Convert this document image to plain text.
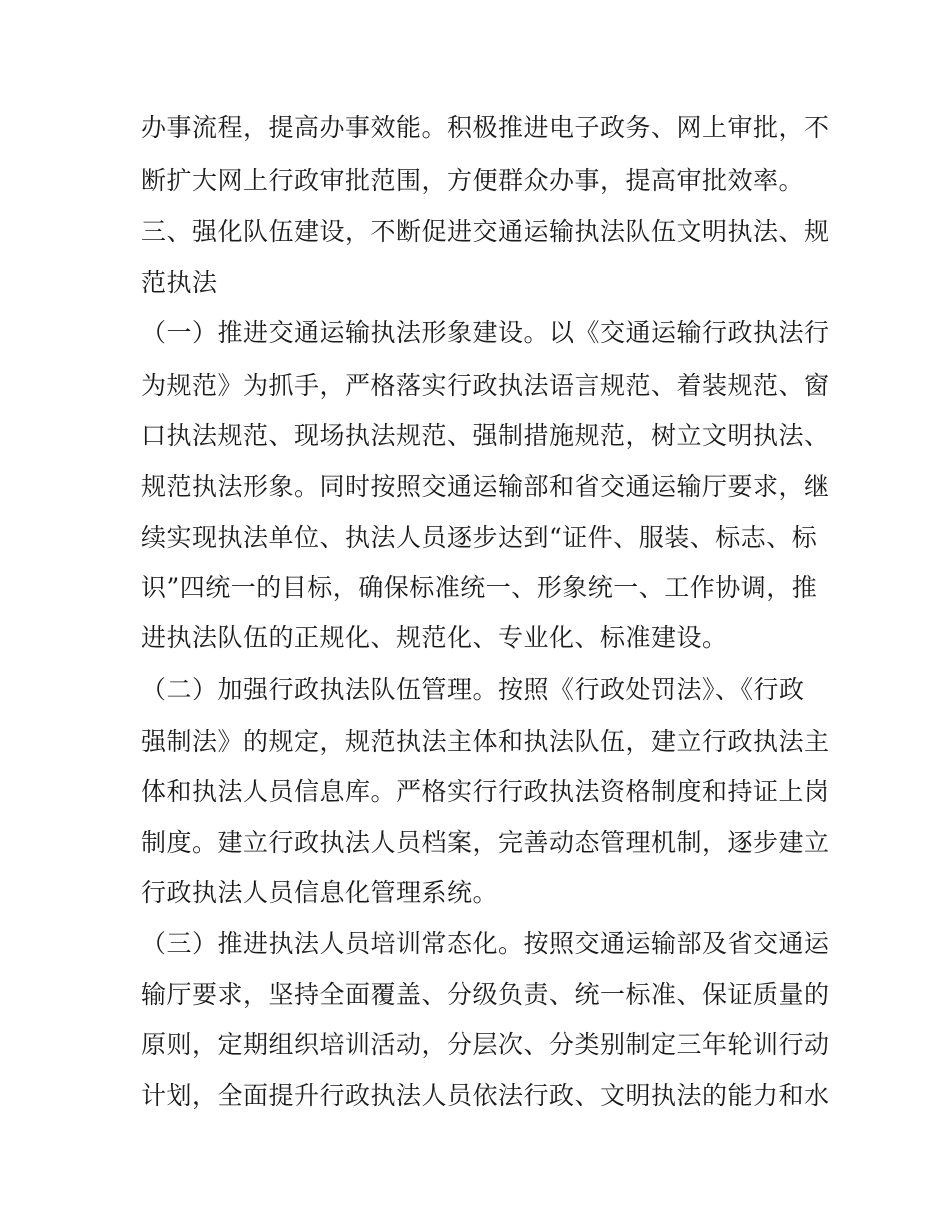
办事流程，提高办事效能。积极推进电子政务、网上审批，不
断扩大网上行政审批范围，方便群众办事，提高审批效率。
三、强化队伍建设，不断促进交通运输执法队伍文明执法、规
范执法
（一）推进交通运输执法形象建设。以《交通运输行政执法行
为规范》为抓手，严格落实行政执法语言规范、着装规范、窗
口执法规范、现场执法规范、强制措施规范，树立文明执法、
规范执法形象。同时按照交通运输部和省交通运输厅要求，继
续实现执法单位、执法人员逐步达到“证件、服装、标志、标
识”四统一的目标，确保标准统一、形象统一、工作协调，推
进执法队伍的正规化、规范化、专业化、标准建设。
（二）加强行政执法队伍管理。按照《行政处罚法》、《行政
强制法》的规定，规范执法主体和执法队伍，建立行政执法主
体和执法人员信息库。严格实行行政执法资格制度和持证上岗
制度。建立行政执法人员档案，完善动态管理机制，逐步建立
行政执法人员信息化管理系统。
（三）推进执法人员培训常态化。按照交通运输部及省交通运
输厅要求，坚持全面覆盖、分级负责、统一标准、保证质量的
原则，定期组织培训活动，分层次、分类别制定三年轮训行动
计划，全面提升行政执法人员依法行政、文明执法的能力和水
